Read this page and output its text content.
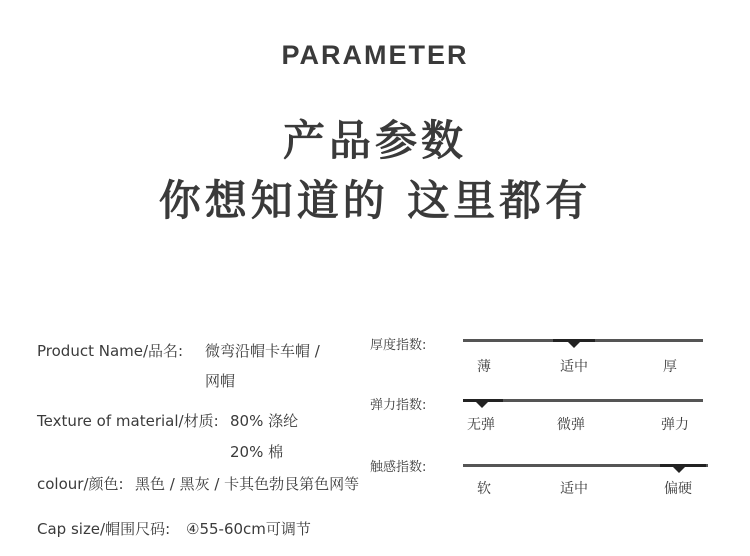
PARAMETER
产品参数
你想知道的 这里都有
Product Name/品名: 微弯沿帽卡车帽 /
网帽
Texture of material/材质: 80% 涤纶
20% 棉
colour/颜色: 黑色 / 黑灰 / 卡其色勃艮第色网等
Cap size/帽围尺码: ④55-60cm可调节
厚度指数:
薄	适中	厚
弹力指数:
无弹	微弹	弹力
触感指数:
软	适中	偏硬
